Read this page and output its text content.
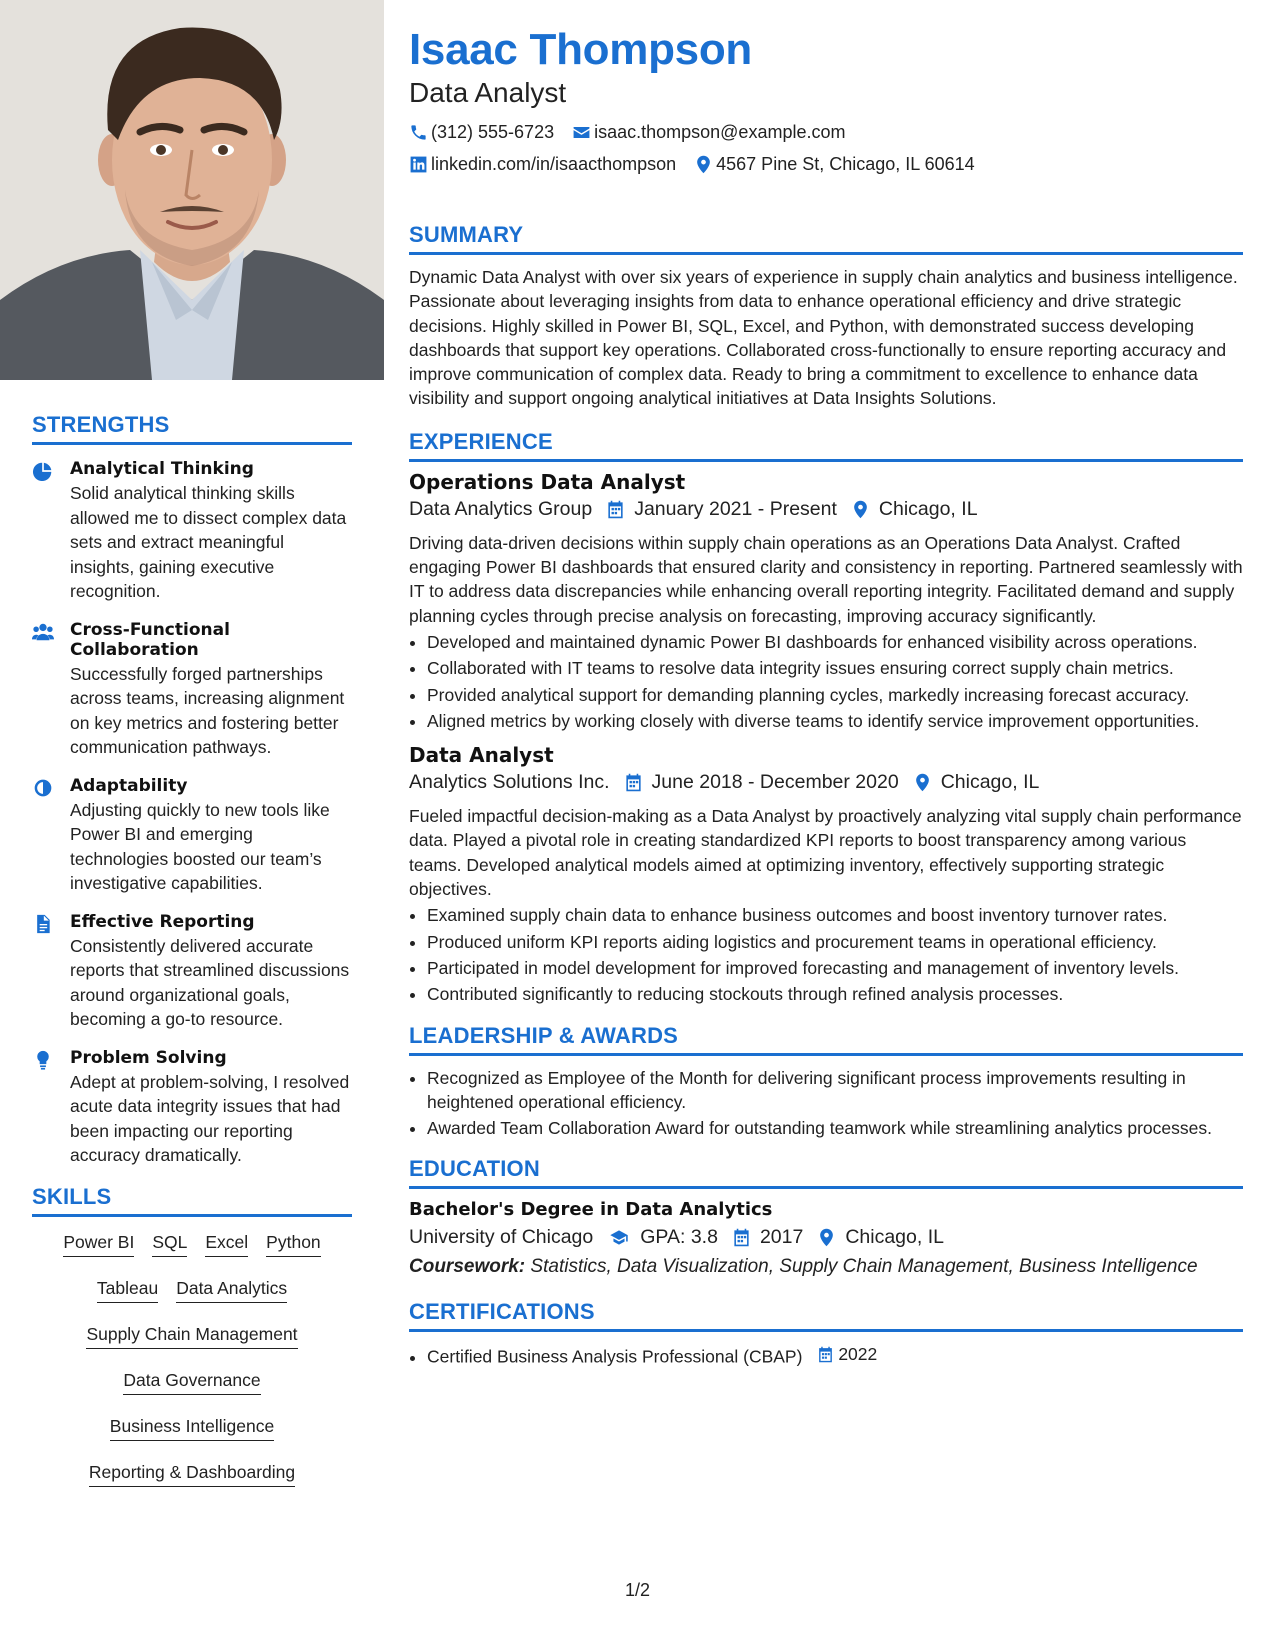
STRENGTHS
Analytical Thinking
Solid analytical thinking skills allowed me to dissect complex data sets and extract meaningful insights, gaining executive recognition.
Cross-Functional Collaboration
Successfully forged partnerships across teams, increasing alignment on key metrics and fostering better communication pathways.
Adaptability
Adjusting quickly to new tools like Power BI and emerging technologies boosted our team’s investigative capabilities.
Effective Reporting
Consistently delivered accurate reports that streamlined discussions around organizational goals, becoming a go-to resource.
Problem Solving
Adept at problem-solving, I resolved acute data integrity issues that had been impacting our reporting accuracy dramatically.
SKILLS
Power BI SQL Excel Python
Tableau Data Analytics
Supply Chain Management
Data Governance
Business Intelligence
Reporting & Dashboarding
Isaac Thompson
Data Analyst
(312) 555-6723 isaac.thompson@example.com
linkedin.com/in/isaacthompson 4567 Pine St, Chicago, IL 60614
SUMMARY

Dynamic Data Analyst with over six years of experience in supply chain analytics and business intelligence. Passionate about leveraging insights from data to enhance operational efficiency and drive strategic decisions. Highly skilled in Power BI, SQL, Excel, and Python, with demonstrated success developing dashboards that support key operations. Collaborated cross-functionally to ensure reporting accuracy and improve communication of complex data. Ready to bring a commitment to excellence to enhance data visibility and support ongoing analytical initiatives at Data Insights Solutions.

EXPERIENCE
Operations Data Analyst
Data Analytics Group January 2021 - Present Chicago, IL

Driving data-driven decisions within supply chain operations as an Operations Data Analyst. Crafted engaging Power BI dashboards that ensured clarity and consistency in reporting. Partnered seamlessly with IT to address data discrepancies while enhancing overall reporting integrity. Facilitated demand and supply planning cycles through precise analysis on forecasting, improving accuracy significantly.

• Developed and maintained dynamic Power BI dashboards for enhanced visibility across operations.
• Collaborated with IT teams to resolve data integrity issues ensuring correct supply chain metrics.
• Provided analytical support for demanding planning cycles, markedly increasing forecast accuracy.
• Aligned metrics by working closely with diverse teams to identify service improvement opportunities.
Data Analyst
Analytics Solutions Inc. June 2018 - December 2020 Chicago, IL

Fueled impactful decision-making as a Data Analyst by proactively analyzing vital supply chain performance data. Played a pivotal role in creating standardized KPI reports to boost transparency among various teams. Developed analytical models aimed at optimizing inventory, effectively supporting strategic objectives.

• Examined supply chain data to enhance business outcomes and boost inventory turnover rates.
• Produced uniform KPI reports aiding logistics and procurement teams in operational efficiency.
• Participated in model development for improved forecasting and management of inventory levels.
• Contributed significantly to reducing stockouts through refined analysis processes.
LEADERSHIP & AWARDS
• Recognized as Employee of the Month for delivering significant process improvements resulting in heightened operational efficiency.
• Awarded Team Collaboration Award for outstanding teamwork while streamlining analytics processes.
EDUCATION
Bachelor's Degree in Data Analytics
University of Chicago GPA: 3.8 2017 Chicago, IL
Coursework: Statistics, Data Visualization, Supply Chain Management, Business Intelligence
CERTIFICATIONS
• Certified Business Analysis Professional (CBAP) 2022
1/2
